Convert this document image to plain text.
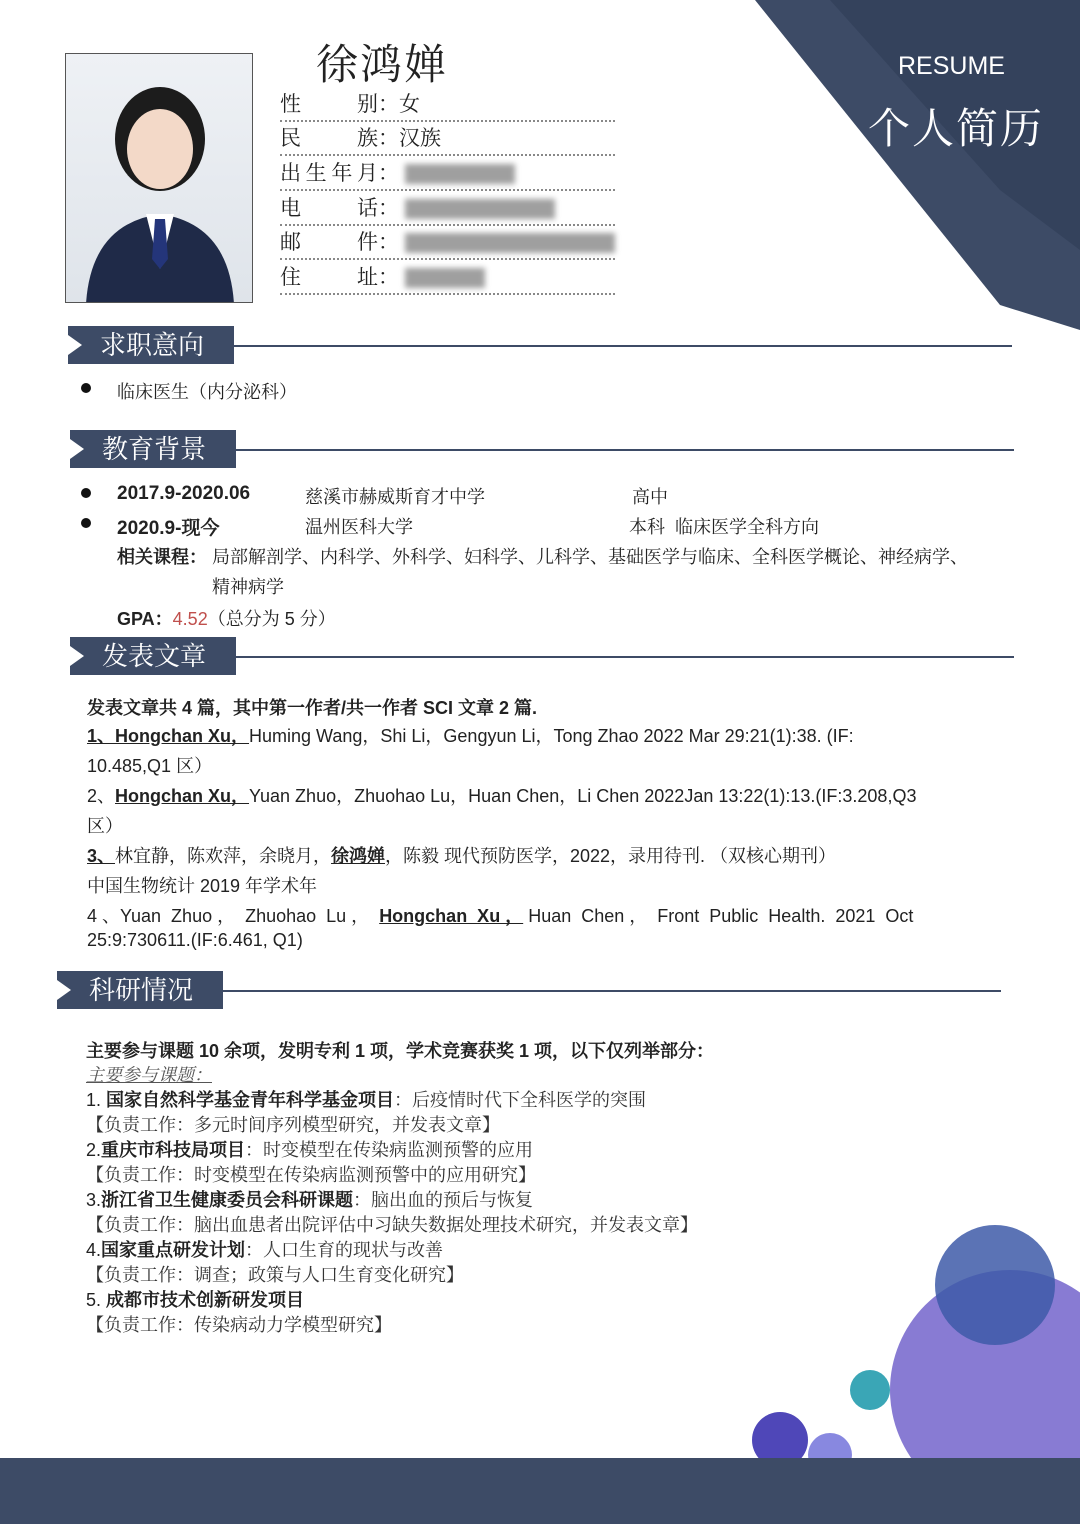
徐鸿婵	RESUME
个人简历
性别：女
民族：汉族
出生年月：
电话：
邮件：
住址：
求职意向
临床医生（内分泌科）
教育背景
2017.9-2020.06	慈溪市赫威斯育才中学	高中
2020.9-现今	温州医科大学	本科  临床医学全科方向
相关课程： 局部解剖学、内科学、外科学、妇科学、儿科学、基础医学与临床、全科医学概论、神经病学、
精神病学
GPA：4.52（总分为 5 分）
发表文章
发表文章共 4 篇，其中第一作者/共一作者 SCI 文章 2 篇.
1、Hongchan Xu，Huming Wang，Shi Li，Gengyun Li，Tong Zhao 2022 Mar 29:21(1):38. (IF:
10.485,Q1 区）
2、Hongchan Xu，Yuan Zhuo，Zhuohao Lu，Huan Chen，Li Chen 2022Jan 13:22(1):13.(IF:3.208,Q3
区）
3、林宜静，陈欢萍，余晓月，徐鸿婵，陈毅 现代预防医学，2022，录用待刊. （双核心期刊）
中国生物统计 2019 年学术年
4 、Yuan  Zhuo ，  Zhuohao  Lu ，  Hongchan  Xu ， Huan  Chen ，  Front  Public  Health.  2021  Oct
25:9:730611.(IF:6.461, Q1)
科研情况
主要参与课题 10 余项，发明专利 1 项，学术竞赛获奖 1 项，以下仅列举部分：
主要参与课题：
1. 国家自然科学基金青年科学基金项目：后疫情时代下全科医学的突围
【负责工作：多元时间序列模型研究，并发表文章】
2.重庆市科技局项目：时变模型在传染病监测预警的应用
【负责工作：时变模型在传染病监测预警中的应用研究】
3.浙江省卫生健康委员会科研课题：脑出血的预后与恢复
【负责工作：脑出血患者出院评估中习缺失数据处理技术研究，并发表文章】
4.国家重点研发计划：人口生育的现状与改善
【负责工作：调查；政策与人口生育变化研究】
5. 成都市技术创新研发项目
【负责工作：传染病动力学模型研究】
